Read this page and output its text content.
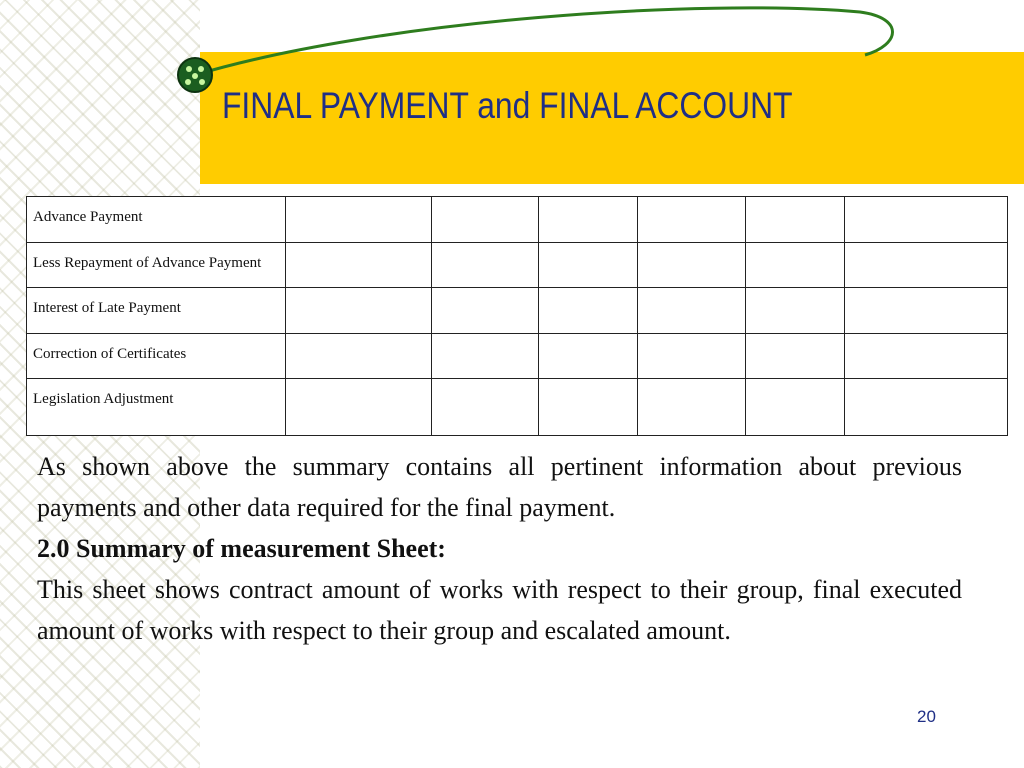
FINAL PAYMENT and FINAL ACCOUNT
Advance Payment						
Less Repayment of Advance Payment						
Interest of Late Payment						
Correction of Certificates						
Legislation Adjustment						

As shown above the summary contains all pertinent information about previous payments and other data required for the final payment.

2.0 Summary of measurement Sheet:

This sheet shows contract amount of works with respect to their group, final executed amount of works with respect to their group and escalated amount.

20
